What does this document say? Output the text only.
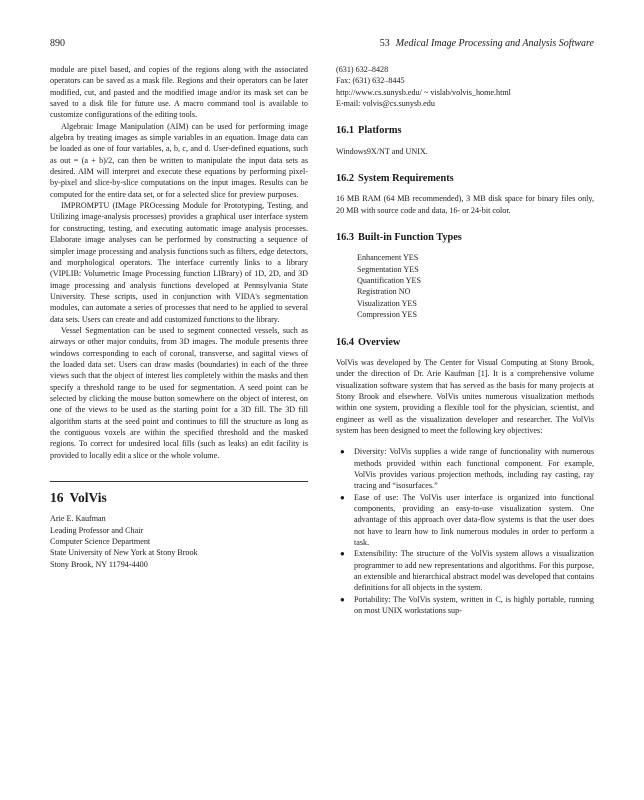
890	53 Medical Image Processing and Analysis Software

module are pixel based, and copies of the regions along with the associated operators can be saved as a mask file. Regions and their operators can be later modified, cut, and pasted and the modified image and/or its mask set can be saved to a disk file for future use. A macro command tool is available to customize configurations of the editing tools.

Algebraic Image Manipulation (AIM) can be used for performing image algebra by treating images as simple variables in an equation. Image data can be loaded as one of four variables, a, b, c, and d. User-defined equations, such as out = (a + b)/2, can then be written to manipulate the input data sets as desired. AIM will interpret and execute these equations by performing pixel-by-pixel and slice-by-slice computations on the input images. Results can be computed for the entire data set, or for a selected slice for preview purposes.

IMPROMPTU (IMage PROcessing Module for Prototyping, Testing, and Utilizing image-analysis processes) provides a graphical user interface system for constructing, testing, and executing automatic image analysis processes. Elaborate image analyses can be performed by constructing a sequence of simpler image processing and analysis functions such as filters, edge detectors, and morphological operators. The interface currently links to a library (VIPLIB: Volumetric Image Processing function LIBrary) of 1D, 2D, and 3D image processing and analysis functions developed at Pennsylvania State University. These scripts, used in conjunction with VIDA's segmentation modules, can automate a series of processes that need to be applied to several data sets. Users can create and add customized functions to the library.

Vessel Segmentation can be used to segment connected vessels, such as airways or other major conduits, from 3D images. The module presents three windows corresponding to each of coronal, transverse, and sagittal views of the loaded data set. Users can draw masks (boundaries) in each of the three views such that the object of interest lies completely within the masks and then specify a threshold range to be used for segmentation. A seed point can be selected by clicking the mouse button somewhere on the object of interest, on one of the views to be used as the starting point for a 3D fill. The 3D fill algorithm starts at the seed point and continues to fill the structure as long as the contiguous voxels are within the specified threshold and the masked regions. To correct for undesired local fills (such as leaks) an edit facility is provided to locally edit a slice or the whole volume.

16 VolVis
Arie E. Kaufman
Leading Professor and Chair
Computer Science Department
State University of New York at Stony Brook
Stony Brook, NY 11794-4400
(631) 632–8428
Fax: (631) 632–8445
http://www.cs.sunysb.edu/ ~ vislab/volvis_home.html
E-mail: volvis@cs.sunysb.edu
16.1 Platforms

Windows9X/NT and UNIX.

16.2 System Requirements

16 MB RAM (64 MB recommended), 3 MB disk space for binary files only, 20 MB with source code and data, 16- or 24-bit color.

16.3 Built-in Function Types
Enhancement YES
Segmentation YES
Quantification YES
Registration NO
Visualization YES
Compression YES
16.4 Overview

VolVis was developed by The Center for Visual Computing at Stony Brook, under the direction of Dr. Arie Kaufman [1]. It is a comprehensive volume visualization software system that has served as the basis for many projects at Stony Brook and elsewhere. VolVis unites numerous visualization methods within one system, providing a flexible tool for the physician, scientist, and engineer as well as the visualization developer and researcher. The VolVis system has been designed to meet the following key objectives:

● Diversity: VolVis supplies a wide range of functionality with numerous methods provided within each functional component. For example, VolVis provides various projection methods, including ray casting, ray tracing and “isosurfaces.”
● Ease of use: The VolVis user interface is organized into functional components, providing an easy-to-use visualization system. One advantage of this approach over data-flow systems is that the user does not have to learn how to link numerous modules in order to perform a task.
● Extensibility: The structure of the VolVis system allows a visualization programmer to add new representations and algorithms. For this purpose, an extensible and hierarchical abstract model was developed that contains definitions for all objects in the system.
● Portability: The VolVis system, written in C, is highly portable, running on most UNIX workstations sup-
